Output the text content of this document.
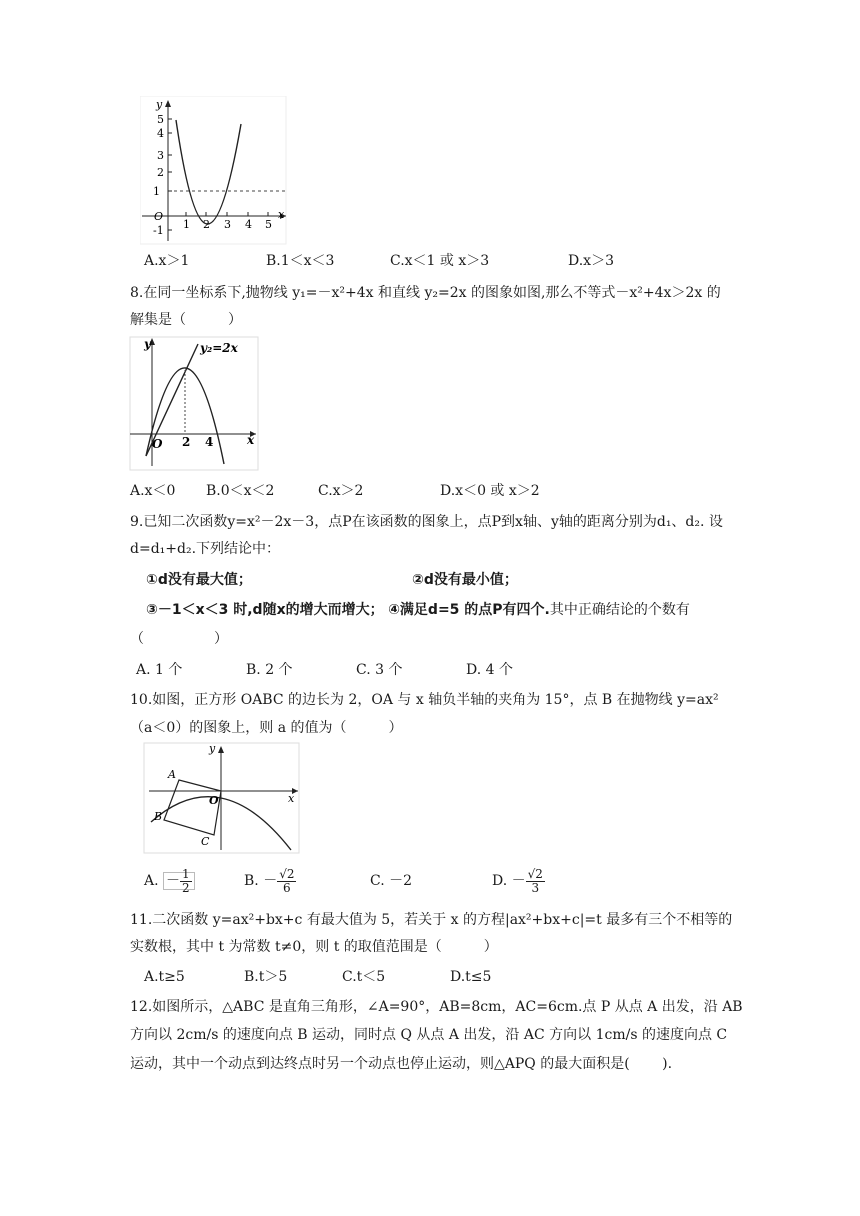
y
x
O
5
4
3
2
1
-1 1 2 3 4 5
A.x＞1	B.1＜x＜3	C.x＜1 或 x＞3	D.x＞3
8.在同一坐标系下,抛物线 y₁=－x²+4x 和直线 y₂=2x 的图象如图,那么不等式－x²+4x＞2x 的
解集是（　　　）
y
x
O
y₂=2x
2 4
A.x＜0 B.0＜x＜2	C.x＞2	D.x＜0 或 x＞2
9.已知二次函数y=x²－2x－3，点P在该函数的图象上，点P到x轴、y轴的距离分别为d₁、d₂. 设
d=d₁+d₂.下列结论中：
①d没有最大值；	②d没有最小值；
③－1＜x＜3 时,d随x的增大而增大； ④满足d=5 的点P有四个.其中正确结论的个数有
（　　　　　）
A. 1 个	B. 2 个	C. 3 个	D. 4 个
10.如图，正方形 OABC 的边长为 2，OA 与 x 轴负半轴的夹角为 15°，点 B 在抛物线 y=ax²
（a＜0）的图象上，则 a 的值为（　　　）
y
x
O
A
B
C
A. － $\frac{1}{2}$	B. － $\frac{√2}{6}$	C. －2	D. － $\frac{√2}{3}$
11.二次函数 y=ax²+bx+c 有最大值为 5，若关于 x 的方程|ax²+bx+c|=t 最多有三个不相等的
实数根，其中 t 为常数 t≠0，则 t 的取值范围是（　　　）
A.t≥5	B.t＞5	C.t＜5	D.t≤5
12.如图所示，△ABC 是直角三角形，∠A=90°，AB=8cm，AC=6cm.点 P 从点 A 出发，沿 AB
方向以 2cm/s 的速度向点 B 运动，同时点 Q 从点 A 出发，沿 AC 方向以 1cm/s 的速度向点 C
运动，其中一个动点到达终点时另一个动点也停止运动，则△APQ 的最大面积是(　　 ).
